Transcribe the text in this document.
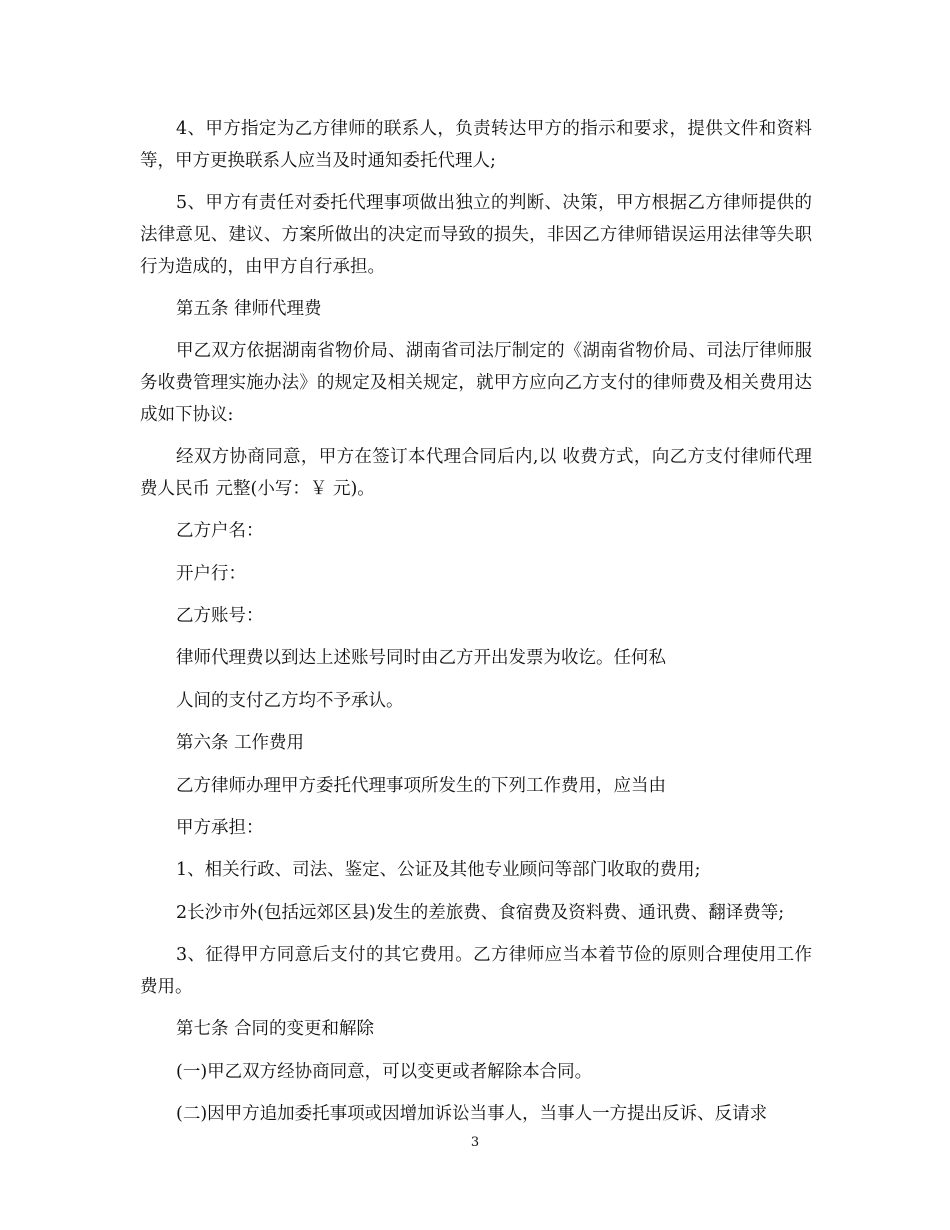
4、甲方指定为乙方律师的联系人，负责转达甲方的指示和要求，提供文件和资料等，甲方更换联系人应当及时通知委托代理人;

5、甲方有责任对委托代理事项做出独立的判断、决策，甲方根据乙方律师提供的法律意见、建议、方案所做出的决定而导致的损失，非因乙方律师错误运用法律等失职行为造成的，由甲方自行承担。

第五条 律师代理费

甲乙双方依据湖南省物价局、湖南省司法厅制定的《湖南省物价局、司法厅律师服务收费管理实施办法》的规定及相关规定，就甲方应向乙方支付的律师费及相关费用达成如下协议:

经双方协商同意，甲方在签订本代理合同后内,以 收费方式，向乙方支付律师代理费人民币 元整(小写：￥ 元)。

乙方户名：

开户行：

乙方账号：

律师代理费以到达上述账号同时由乙方开出发票为收讫。任何私

人间的支付乙方均不予承认。

第六条 工作费用

乙方律师办理甲方委托代理事项所发生的下列工作费用，应当由

甲方承担：

1、相关行政、司法、鉴定、公证及其他专业顾问等部门收取的费用;

2长沙市外(包括远郊区县)发生的差旅费、食宿费及资料费、通讯费、翻译费等;

3、征得甲方同意后支付的其它费用。乙方律师应当本着节俭的原则合理使用工作费用。

第七条 合同的变更和解除

(一)甲乙双方经协商同意，可以变更或者解除本合同。

(二)因甲方追加委托事项或因增加诉讼当事人，当事人一方提出反诉、反请求

3
